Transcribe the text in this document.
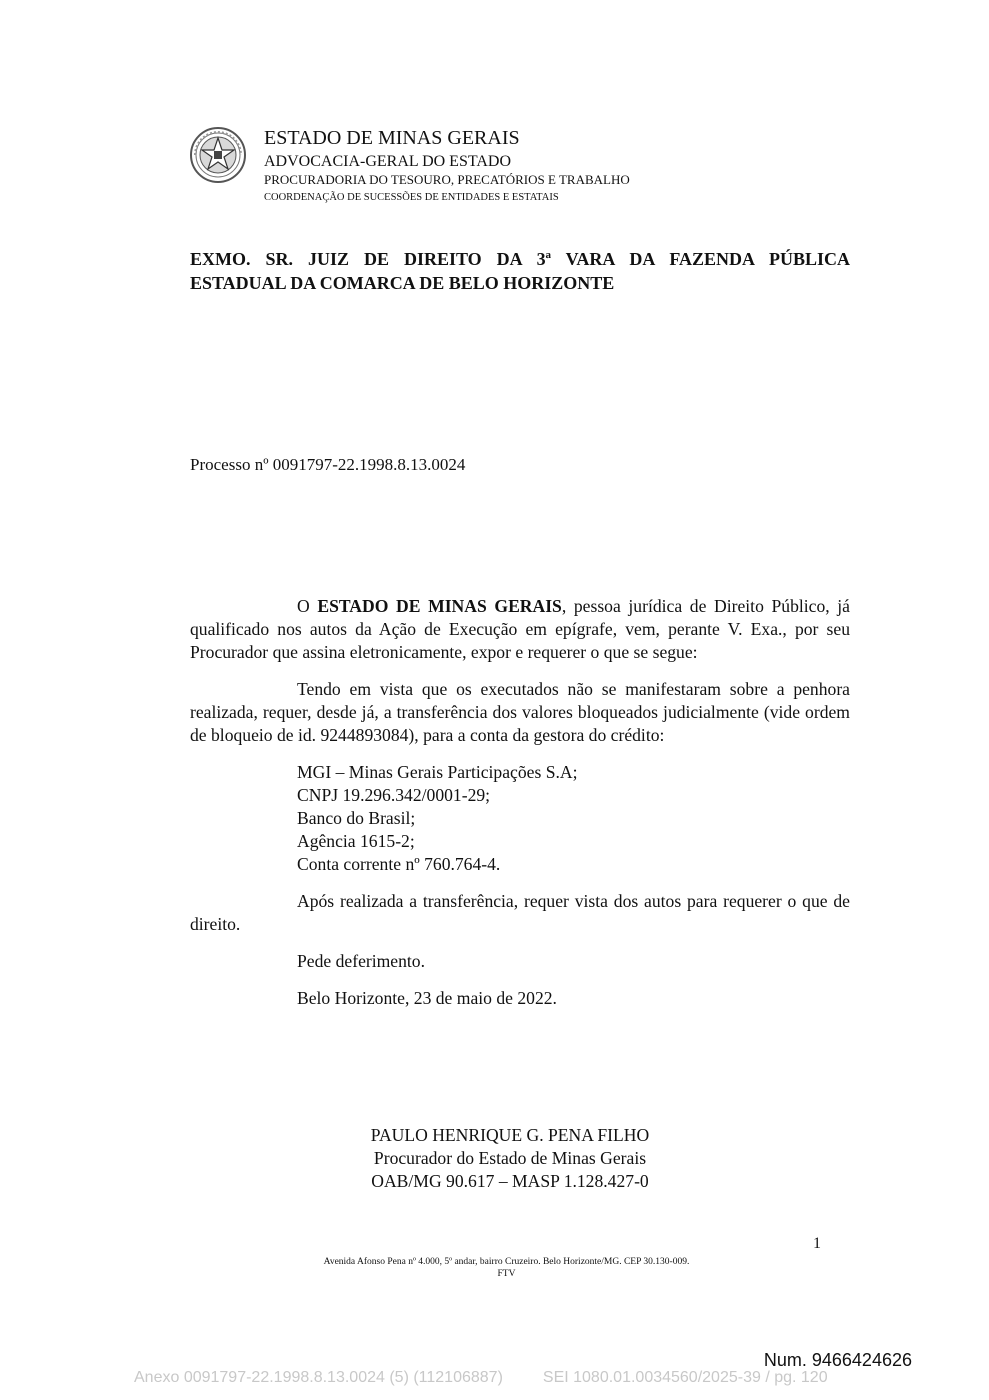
ESTADO DE MINAS GERAIS
ADVOCACIA-GERAL DO ESTADO
PROCURADORIA DO TESOURO, PRECATÓRIOS E TRABALHO
COORDENAÇÃO DE SUCESSÕES DE ENTIDADES E ESTATAIS
EXMO. SR. JUIZ DE DIREITO DA 3ª VARA DA FAZENDA PÚBLICA
ESTADUAL DA COMARCA DE BELO HORIZONTE
Processo nº 0091797-22.1998.8.13.0024

O ESTADO DE MINAS GERAIS, pessoa jurídica de Direito Público, já qualificado nos autos da Ação de Execução em epígrafe, vem, perante V. Exa., por seu Procurador que assina eletronicamente, expor e requerer o que se segue:

Tendo em vista que os executados não se manifestaram sobre a penhora realizada, requer, desde já, a transferência dos valores bloqueados judicialmente (vide ordem de bloqueio de id. 9244893084), para a conta da gestora do crédito:

MGI – Minas Gerais Participações S.A;
CNPJ 19.296.342/0001-29;
Banco do Brasil;
Agência 1615-2;
Conta corrente nº 760.764-4.

Após realizada a transferência, requer vista dos autos para requerer o que de direito.

Pede deferimento.

Belo Horizonte, 23 de maio de 2022.

PAULO HENRIQUE G. PENA FILHO
Procurador do Estado de Minas Gerais
OAB/MG 90.617 – MASP 1.128.427-0
1
Avenida Afonso Pena nº 4.000, 5º andar, bairro Cruzeiro. Belo Horizonte/MG. CEP 30.130-009.
FTV
Num. 9466424626
Anexo 0091797-22.1998.8.13.0024 (5) (112106887)         SEI 1080.01.0034560/2025-39 / pg. 120
